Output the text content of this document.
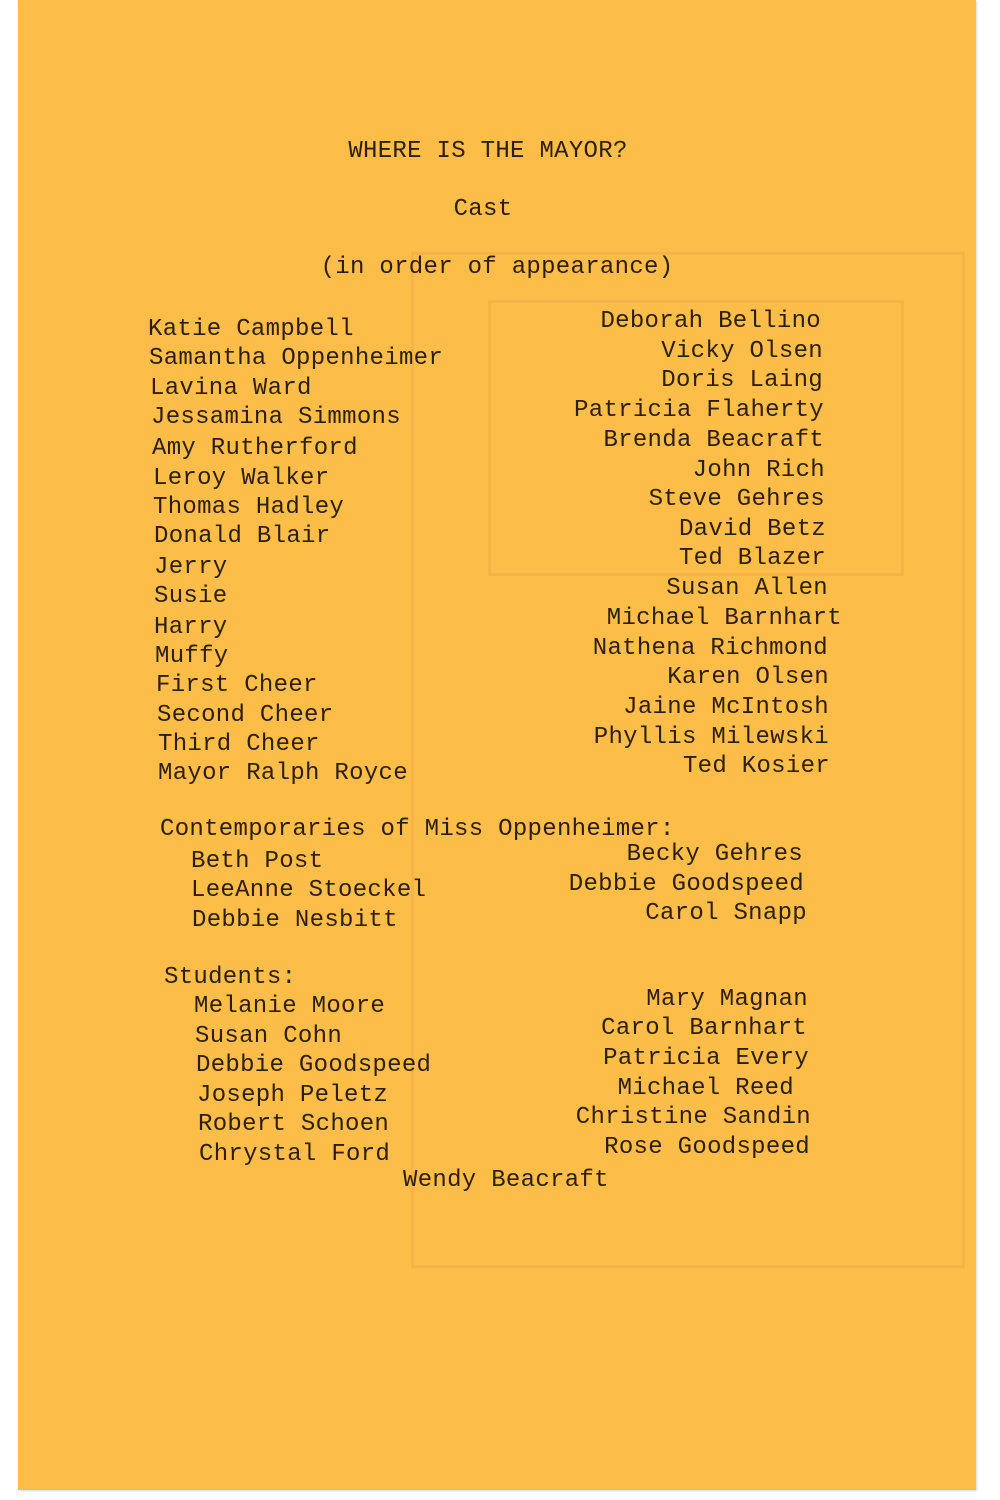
WHERE IS THE MAYOR?
Cast
(in order of appearance)
Katie Campbell
Samantha Oppenheimer
Lavina Ward
Jessamina Simmons
Amy Rutherford
Leroy Walker
Thomas Hadley
Donald Blair
Jerry
Susie
Harry
Muffy
First Cheer
Second Cheer
Third Cheer
Mayor Ralph Royce
Deborah Bellino
Vicky Olsen
Doris Laing
Patricia Flaherty
Brenda Beacraft
John Rich
Steve Gehres
David Betz
Ted Blazer
Susan Allen
Michael Barnhart
Nathena Richmond
Karen Olsen
Jaine McIntosh
Phyllis Milewski
Ted Kosier
Contemporaries of Miss Oppenheimer:
Beth Post
LeeAnne Stoeckel
Debbie Nesbitt
Becky Gehres
Debbie Goodspeed
Carol Snapp
Students:
Melanie Moore
Susan Cohn
Debbie Goodspeed
Joseph Peletz
Robert Schoen
Chrystal Ford
Mary Magnan
Carol Barnhart
Patricia Every
Michael Reed
Christine Sandin
Rose Goodspeed
Wendy Beacraft
